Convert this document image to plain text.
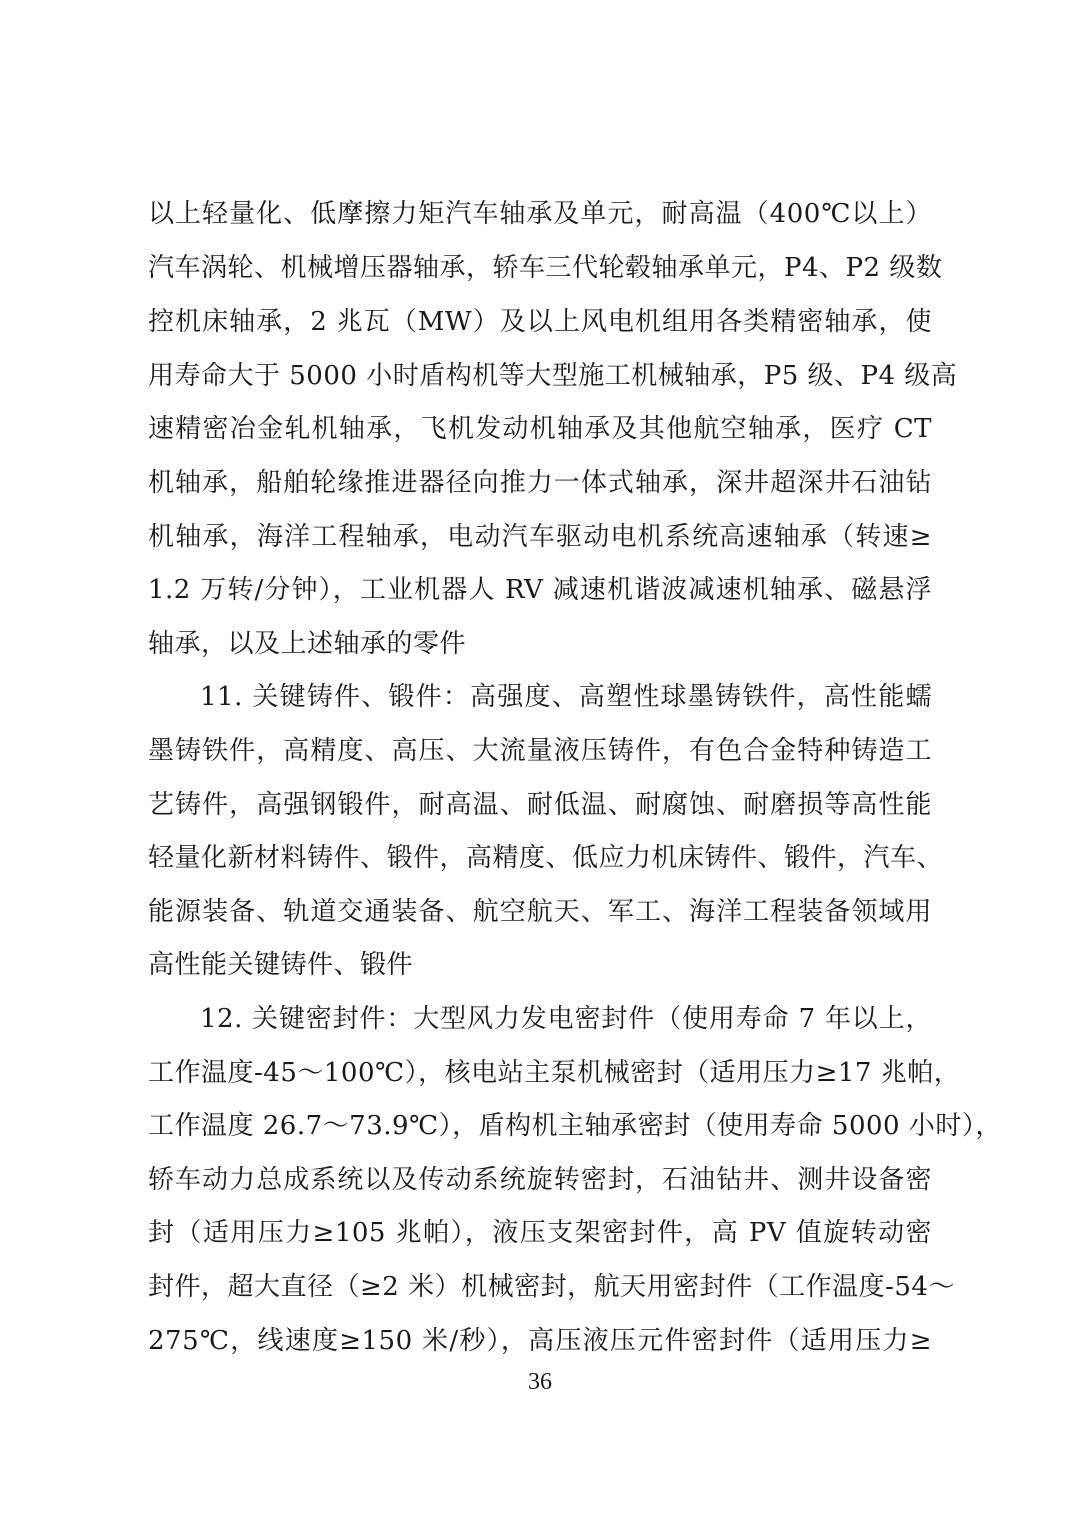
以上轻量化、低摩擦力矩汽车轴承及单元，耐高温（400℃以上）
汽车涡轮、机械增压器轴承，轿车三代轮毂轴承单元，P4、P2 级数
控机床轴承，2 兆瓦（MW）及以上风电机组用各类精密轴承，使
用寿命大于 5000 小时盾构机等大型施工机械轴承，P5 级、P4 级高
速精密冶金轧机轴承，飞机发动机轴承及其他航空轴承，医疗 CT
机轴承，船舶轮缘推进器径向推力一体式轴承，深井超深井石油钻
机轴承，海洋工程轴承，电动汽车驱动电机系统高速轴承（转速≥
1.2 万转/分钟），工业机器人 RV 减速机谐波减速机轴承、磁悬浮
轴承，以及上述轴承的零件
11. 关键铸件、锻件：高强度、高塑性球墨铸铁件，高性能蠕
墨铸铁件，高精度、高压、大流量液压铸件，有色合金特种铸造工
艺铸件，高强钢锻件，耐高温、耐低温、耐腐蚀、耐磨损等高性能
轻量化新材料铸件、锻件，高精度、低应力机床铸件、锻件，汽车、
能源装备、轨道交通装备、航空航天、军工、海洋工程装备领域用
高性能关键铸件、锻件
12. 关键密封件：大型风力发电密封件（使用寿命 7 年以上，
工作温度-45～100℃），核电站主泵机械密封（适用压力≥17 兆帕，
工作温度 26.7～73.9℃），盾构机主轴承密封（使用寿命 5000 小时），
轿车动力总成系统以及传动系统旋转密封，石油钻井、测井设备密
封（适用压力≥105 兆帕），液压支架密封件，高 PV 值旋转动密
封件，超大直径（≥2 米）机械密封，航天用密封件（工作温度-54～
275℃，线速度≥150 米/秒），高压液压元件密封件（适用压力≥
36
